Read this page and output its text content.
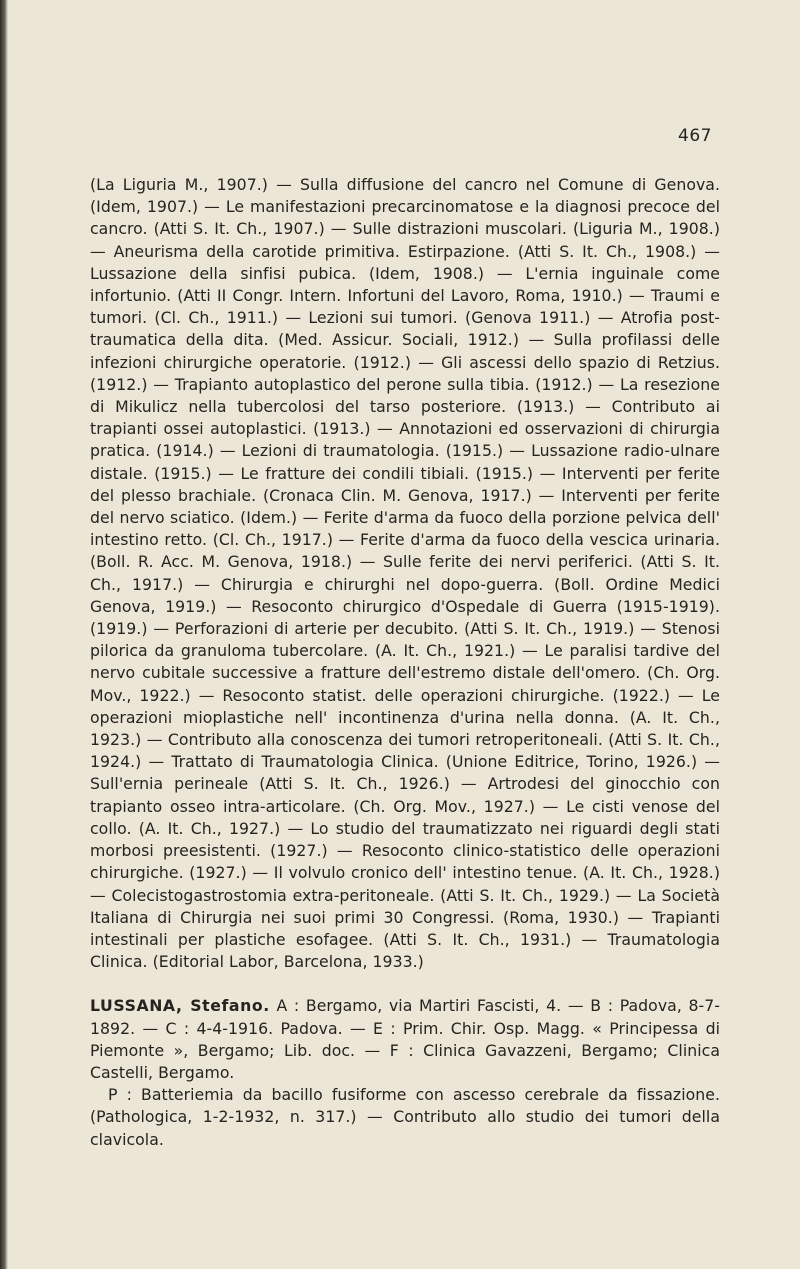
467

(La Liguria M., 1907.) — Sulla diffusione del cancro nel Comune di Genova. (Idem, 1907.) — Le manifestazioni precarcinomatose e la diagnosi precoce del cancro. (Atti S. It. Ch., 1907.) — Sulle distrazioni muscolari. (Liguria M., 1908.) — Aneurisma della carotide primitiva. Estirpazione. (Atti S. It. Ch., 1908.) — Lussazione della sinfisi pubica. (Idem, 1908.) — L'ernia inguinale come infortunio. (Atti II Congr. Intern. Infortuni del Lavoro, Roma, 1910.) — Traumi e tumori. (Cl. Ch., 1911.) — Lezioni sui tumori. (Genova 1911.) — Atrofia post-traumatica della dita. (Med. Assicur. Sociali, 1912.) — Sulla profilassi delle infezioni chirurgiche operatorie. (1912.) — Gli ascessi dello spazio di Retzius. (1912.) — Trapianto autoplastico del perone sulla tibia. (1912.) — La resezione di Mikulicz nella tubercolosi del tarso posteriore. (1913.) — Contributo ai trapianti ossei autoplastici. (1913.) — Annotazioni ed osservazioni di chirurgia pratica. (1914.) — Lezioni di traumatologia. (1915.) — Lussazione radio-ulnare distale. (1915.) — Le fratture dei condili tibiali. (1915.) — Interventi per ferite del plesso brachiale. (Cronaca Clin. M. Genova, 1917.) — Interventi per ferite del nervo sciatico. (Idem.) — Ferite d'arma da fuoco della porzione pelvica dell' intestino retto. (Cl. Ch., 1917.) — Ferite d'arma da fuoco della vescica urinaria. (Boll. R. Acc. M. Genova, 1918.) — Sulle ferite dei nervi periferici. (Atti S. It. Ch., 1917.) — Chirurgia e chirurghi nel dopo-guerra. (Boll. Ordine Medici Genova, 1919.) — Resoconto chirurgico d'Ospedale di Guerra (1915-1919). (1919.) — Perforazioni di arterie per decubito. (Atti S. It. Ch., 1919.) — Stenosi pilorica da granuloma tubercolare. (A. It. Ch., 1921.) — Le paralisi tardive del nervo cubitale successive a fratture dell'estremo distale dell'omero. (Ch. Org. Mov., 1922.) — Resoconto statist. delle operazioni chirurgiche. (1922.) — Le operazioni mioplastiche nell' incontinenza d'urina nella donna. (A. It. Ch., 1923.) — Contributo alla conoscenza dei tumori retroperitoneali. (Atti S. It. Ch., 1924.) — Trattato di Traumatologia Clinica. (Unione Editrice, Torino, 1926.) — Sull'ernia perineale (Atti S. It. Ch., 1926.) — Artrodesi del ginocchio con trapianto osseo intra-articolare. (Ch. Org. Mov., 1927.) — Le cisti venose del collo. (A. It. Ch., 1927.) — Lo studio del traumatizzato nei riguardi degli stati morbosi preesistenti. (1927.) — Resoconto clinico-statistico delle operazioni chirurgiche. (1927.) — Il volvulo cronico dell' intestino tenue. (A. It. Ch., 1928.) — Colecistogastrostomia extra-peritoneale. (Atti S. It. Ch., 1929.) — La Società Italiana di Chirurgia nei suoi primi 30 Congressi. (Roma, 1930.) — Trapianti intestinali per plastiche esofagee. (Atti S. It. Ch., 1931.) — Traumatologia Clinica. (Editorial Labor, Barcelona, 1933.)

LUSSANA, Stefano. A : Bergamo, via Martiri Fascisti, 4. — B : Padova, 8-7-1892. — C : 4-4-1916. Padova. — E : Prim. Chir. Osp. Magg. « Principessa di Piemonte », Bergamo; Lib. doc. — F : Clinica Gavazzeni, Bergamo; Clinica Castelli, Bergamo.

P : Batteriemia da bacillo fusiforme con ascesso cerebrale da fissazione. (Pathologica, 1-2-1932, n. 317.) — Contributo allo studio dei tumori della clavicola.
